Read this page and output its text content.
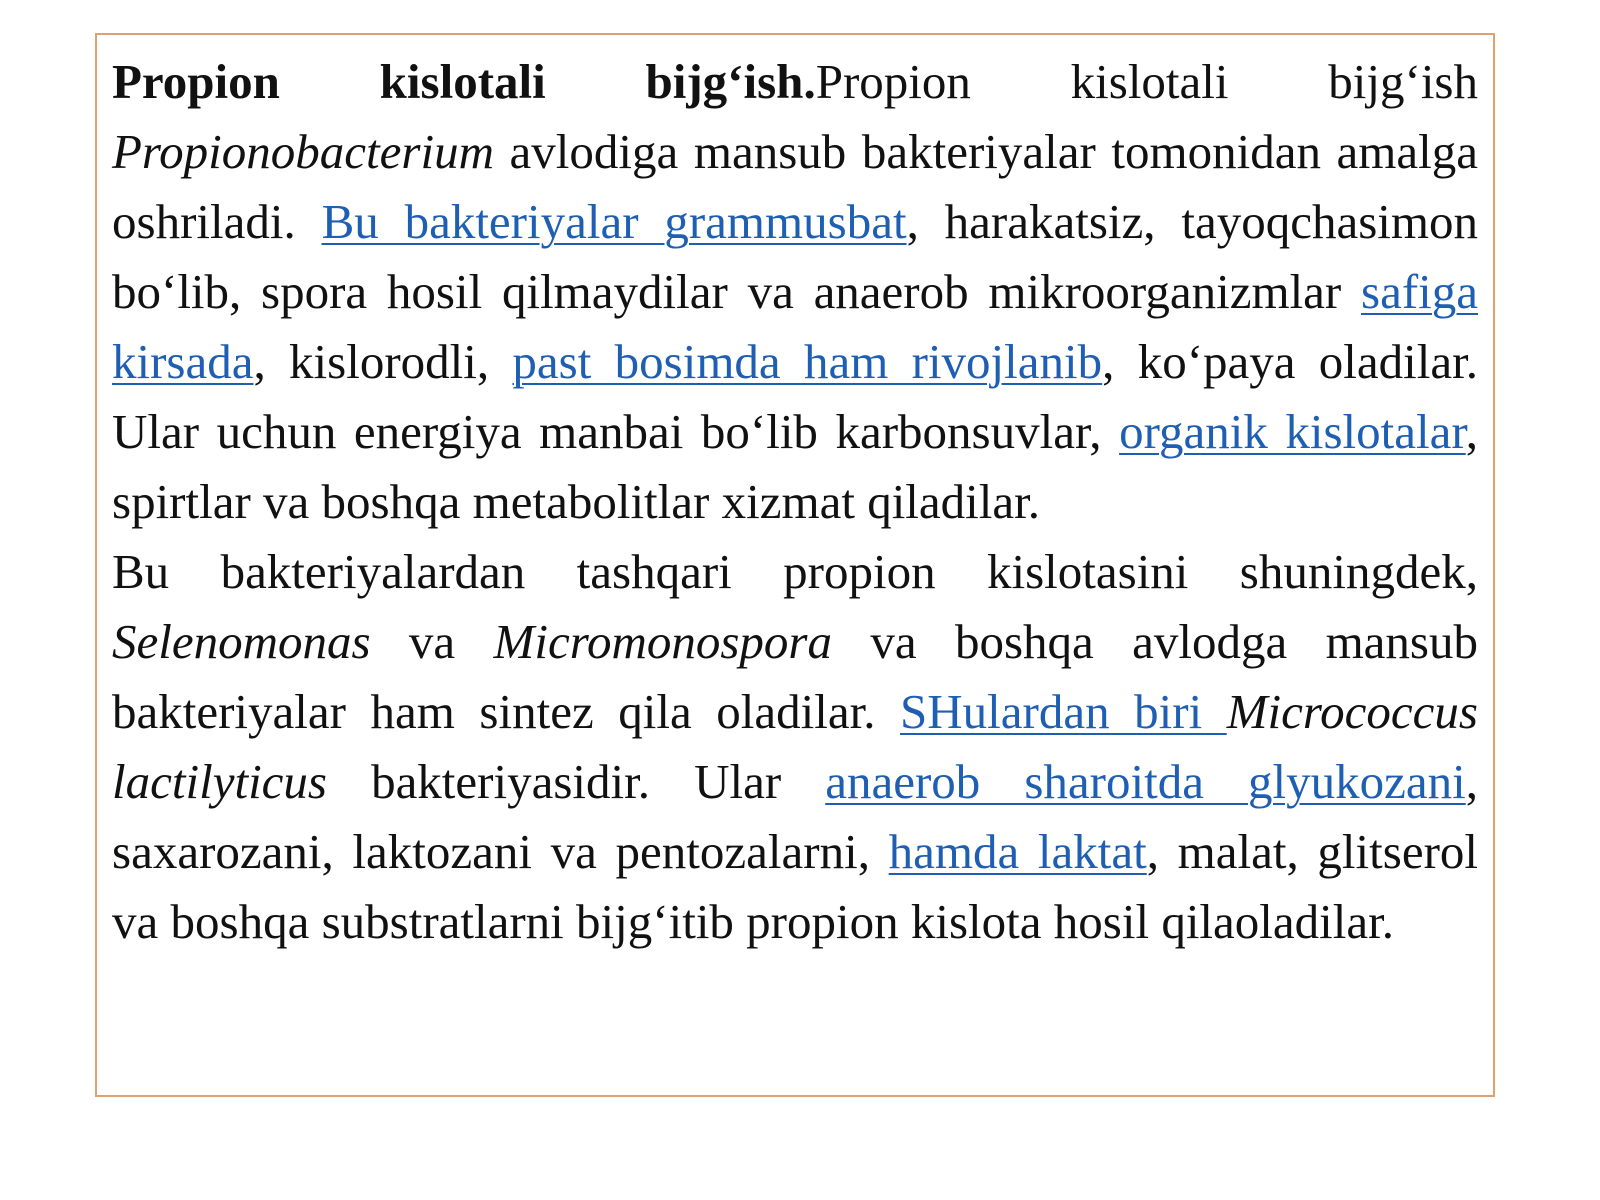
Propion kislotali bijg‘ish.Propion kislotali bijg‘ish Propionobacterium avlodiga mansub bakteriyalar tomonidan amalga oshriladi. Bu bakteriyalar grammusbat, harakatsiz, tayoqchasimon bo‘lib, spora hosil qilmaydilar va anaerob mikroorganizmlar safiga kirsada, kislorodli, past bosimda ham rivojlanib, ko‘paya oladilar. Ular uchun energiya manbai bo‘lib karbonsuvlar, organik kislotalar, spirtlar va boshqa metabolitlar xizmat qiladilar.

Bu bakteriyalardan tashqari propion kislotasini shuningdek, Selenomonas va Micromonospora va boshqa avlodga mansub bakteriyalar ham sintez qila oladilar. SHulardan biri Micrococcus lactilyticus bakteriyasidir. Ular anaerob sharoitda glyukozani, saxarozani, laktozani va pentozalarni, hamda laktat, malat, glitserol va boshqa substratlarni bijg‘itib propion kislota hosil qilaoladilar.
